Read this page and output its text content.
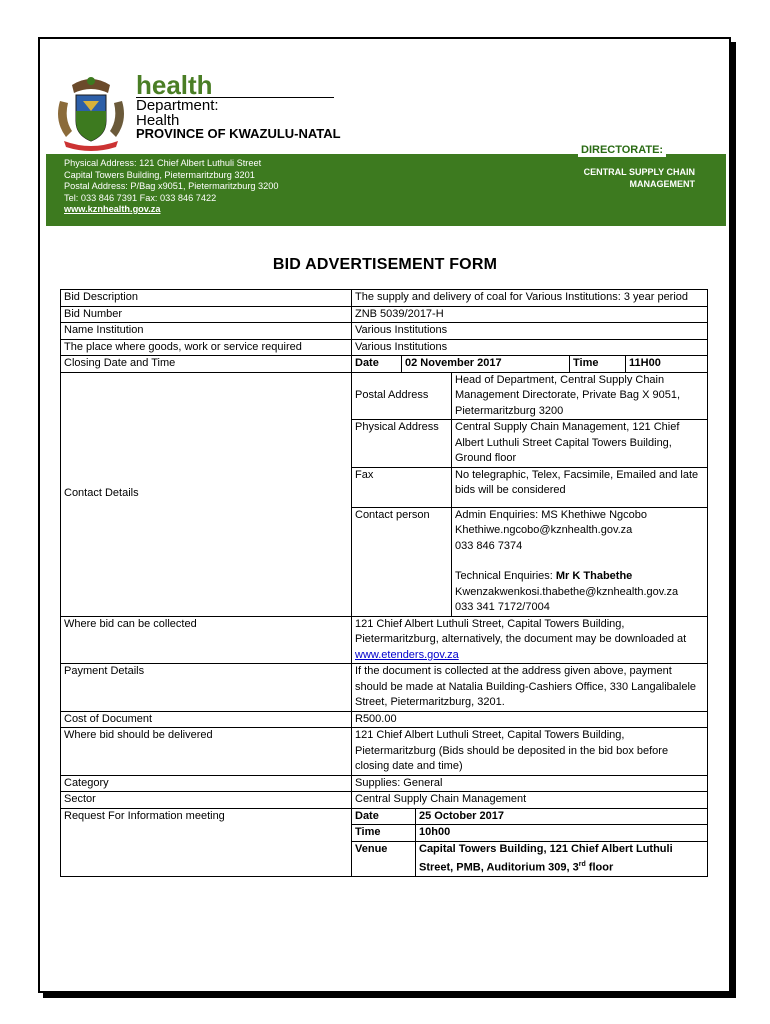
health
Department:
Health
PROVINCE OF KWAZULU-NATAL
DIRECTORATE:
Physical Address: 121 Chief Albert Luthuli Street
Capital Towers Building, Pietermaritzburg 3201
Postal Address: P/Bag x9051, Pietermaritzburg 3200
Tel: 033 846 7391 Fax: 033 846 7422
www.kznhealth.gov.za
CENTRAL SUPPLY CHAIN
MANAGEMENT
BID ADVERTISEMENT FORM
Bid Description	The supply and delivery of coal for Various Institutions: 3 year period
Bid Number	ZNB 5039/2017-H
Name Institution	Various Institutions
The place where goods, work or service required	Various Institutions
Closing Date and Time		Date	02 November 2017	Time	11H00

Contact Details	
Postal Address	Head of Department, Central Supply Chain Management Directorate, Private Bag X 9051, Pietermaritzburg 3200
Physical Address	Central Supply Chain Management, 121 Chief Albert Luthuli Street Capital Towers Building, Ground floor
Fax	No telegraphic, Telex, Facsimile, Emailed and late bids will be considered
Contact person	Admin Enquiries: MS Khethiwe Ngcobo
Khethiwe.ngcobo@kznhealth.gov.za
033 846 7374
Technical Enquiries: Mr K Thabethe
Kwenzakwenkosi.thabethe@kznhealth.gov.za
033 341 7172/7004

Where bid can be collected	121 Chief Albert Luthuli Street, Capital Towers Building, Pietermaritzburg, alternatively, the document may be downloaded at www.etenders.gov.za
Payment Details	If the document is collected at the address given above, payment should be made at Natalia Building-Cashiers Office, 330 Langalibalele Street, Pietermaritzburg, 3201.
Cost of Document	R500.00
Where bid should be delivered	121 Chief Albert Luthuli Street, Capital Towers Building, Pietermaritzburg (Bids should be deposited in the bid box before closing date and time)
Category	Supplies: General
Sector	Central Supply Chain Management
Request For Information meeting		Date	25 October 2017
Time	10h00
Venue	Capital Towers Building, 121 Chief Albert Luthuli Street, PMB, Auditorium 309, 3rd floor
